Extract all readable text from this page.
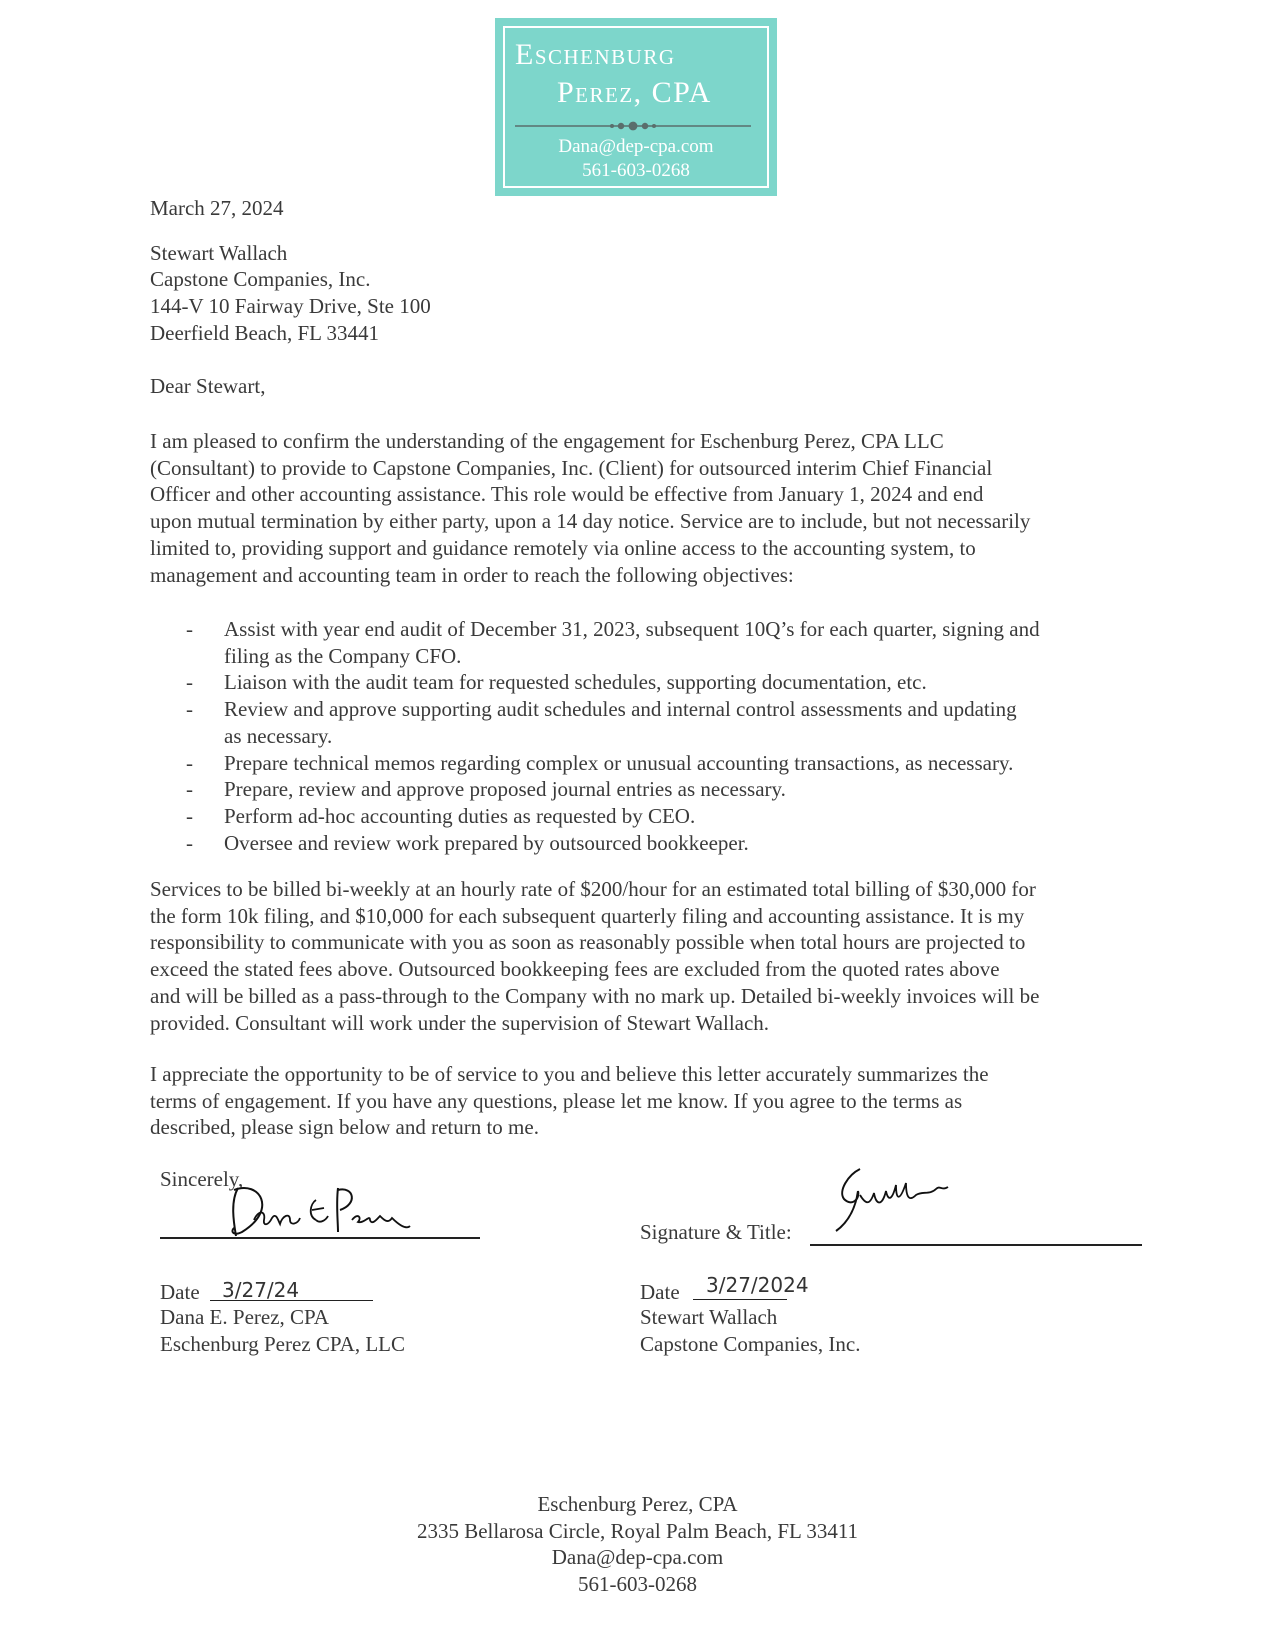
Eschenburg
Perez, CPA
Dana@dep-cpa.com
561-603-0268
March 27, 2024
Stewart Wallach
Capstone Companies, Inc.
144-V 10 Fairway Drive, Ste 100
Deerfield Beach, FL 33441
Dear Stewart,
I am pleased to confirm the understanding of the engagement for Eschenburg Perez, CPA LLC
(Consultant) to provide to Capstone Companies, Inc. (Client) for outsourced interim Chief Financial
Officer and other accounting assistance. This role would be effective from January 1, 2024 and end
upon mutual termination by either party, upon a 14 day notice. Service are to include, but not necessarily
limited to, providing support and guidance remotely via online access to the accounting system, to
management and accounting team in order to reach the following objectives:
- Assist with year end audit of December 31, 2023, subsequent 10Q’s for each quarter, signing and
filing as the Company CFO.
- Liaison with the audit team for requested schedules, supporting documentation, etc.
- Review and approve supporting audit schedules and internal control assessments and updating
as necessary.
- Prepare technical memos regarding complex or unusual accounting transactions, as necessary.
- Prepare, review and approve proposed journal entries as necessary.
- Perform ad-hoc accounting duties as requested by CEO.
- Oversee and review work prepared by outsourced bookkeeper.
Services to be billed bi-weekly at an hourly rate of $200/hour for an estimated total billing of $30,000 for
the form 10k filing, and $10,000 for each subsequent quarterly filing and accounting assistance. It is my
responsibility to communicate with you as soon as reasonably possible when total hours are projected to
exceed the stated fees above. Outsourced bookkeeping fees are excluded from the quoted rates above
and will be billed as a pass-through to the Company with no mark up. Detailed bi-weekly invoices will be
provided. Consultant will work under the supervision of Stewart Wallach.
I appreciate the opportunity to be of service to you and believe this letter accurately summarizes the
terms of engagement. If you have any questions, please let me know. If you agree to the terms as
described, please sign below and return to me.
Sincerely,
Date 3/27/24
Dana E. Perez, CPA
Eschenburg Perez CPA, LLC
Signature & Title:
Date 3/27/2024
Stewart Wallach
Capstone Companies, Inc.
Eschenburg Perez, CPA
2335 Bellarosa Circle, Royal Palm Beach, FL 33411
Dana@dep-cpa.com
561-603-0268
